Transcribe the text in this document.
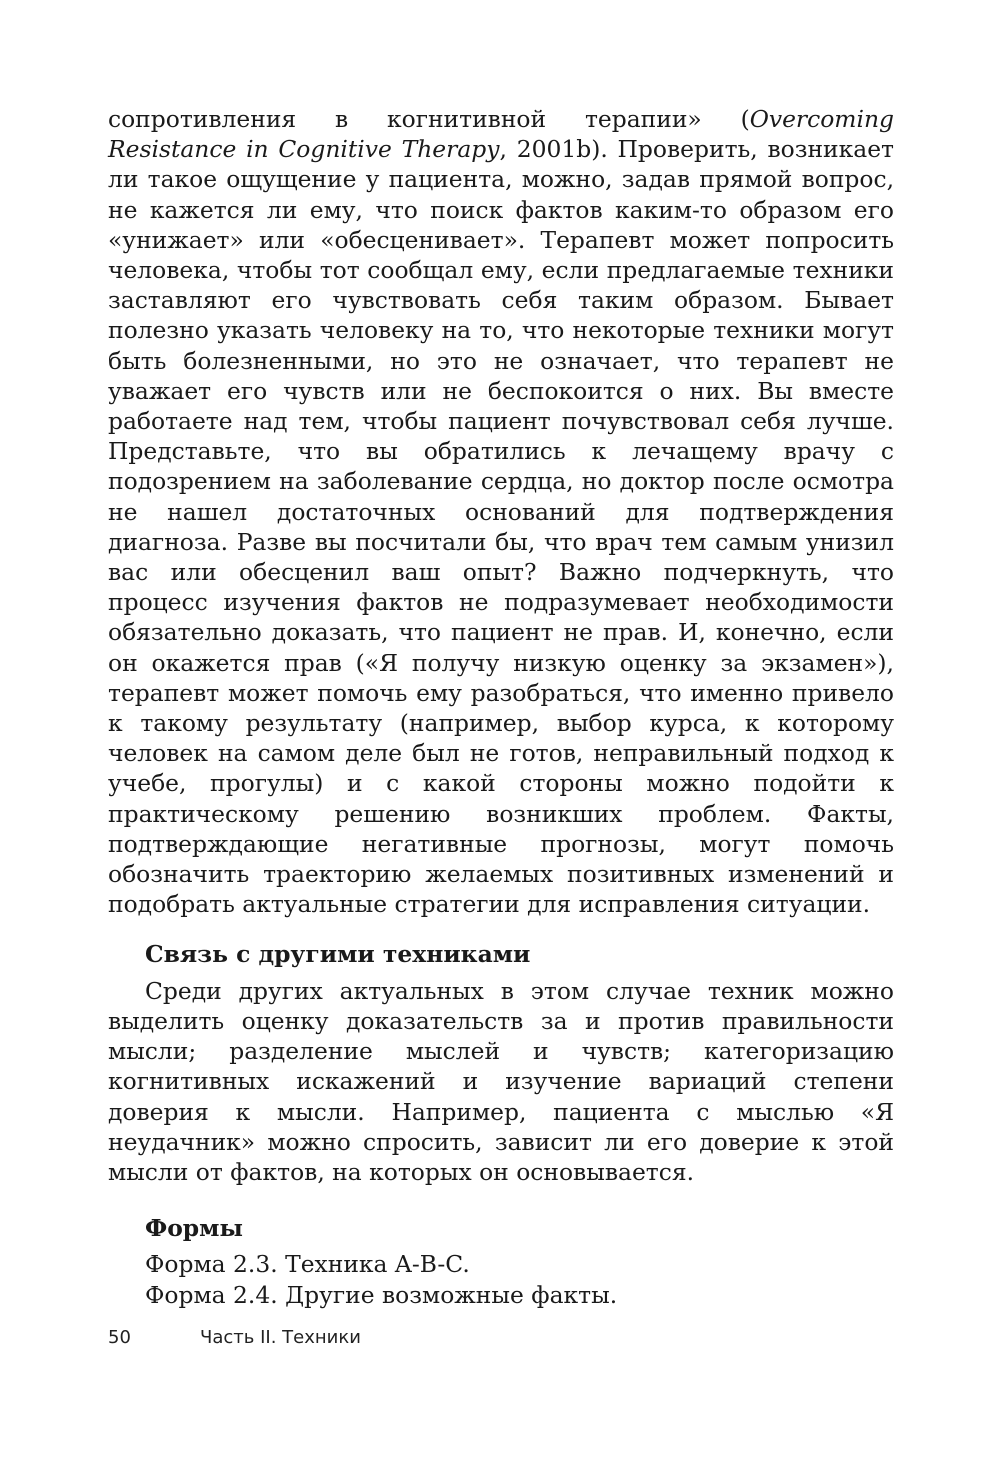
сопротивления в когнитивной терапии» (Overcoming Resistance in Cognitive Therapy, 2001b). Проверить, возникает ли такое ощущение у пациента, можно, задав прямой вопрос, не кажется ли ему, что поиск фактов каким-то образом его «унижает» или «обесценивает». Терапевт может попросить человека, чтобы тот сообщал ему, если предлагаемые техники заставляют его чувствовать себя таким образом. Бывает полезно указать человеку на то, что некоторые техники могут быть болезненными, но это не означает, что терапевт не уважает его чувств или не беспокоится о них. Вы вместе работаете над тем, чтобы пациент почувствовал себя лучше. Представьте, что вы обратились к лечащему врачу с подозрением на заболевание сердца, но доктор после осмотра не нашел достаточных оснований для подтверждения диагноза. Разве вы посчитали бы, что врач тем самым унизил вас или обесценил ваш опыт? Важно подчеркнуть, что процесс изучения фактов не подразумевает необходимости обязательно доказать, что пациент не прав. И, конечно, если он окажется прав («Я получу низкую оценку за экзамен»), терапевт может помочь ему разобраться, что именно привело к такому результату (например, выбор курса, к которому человек на самом деле был не готов, неправильный подход к учебе, прогулы) и с какой стороны можно подойти к практическому решению возникших проблем. Факты, подтверждающие негативные прогнозы, могут помочь обозначить траекторию желаемых позитивных изменений и подобрать актуальные стратегии для исправления ситуации.

Связь с другими техниками

Среди других актуальных в этом случае техник можно выделить оценку доказательств за и против правильности мысли; разделение мыслей и чувств; категоризацию когнитивных искажений и изучение вариаций степени доверия к мысли. Например, пациента с мыслью «Я неудачник» можно спросить, зависит ли его доверие к этой мысли от фактов, на которых он основывается.

Формы

Форма 2.3. Техника A-B-C.

Форма 2.4. Другие возможные факты.

50	Часть II. Техники
